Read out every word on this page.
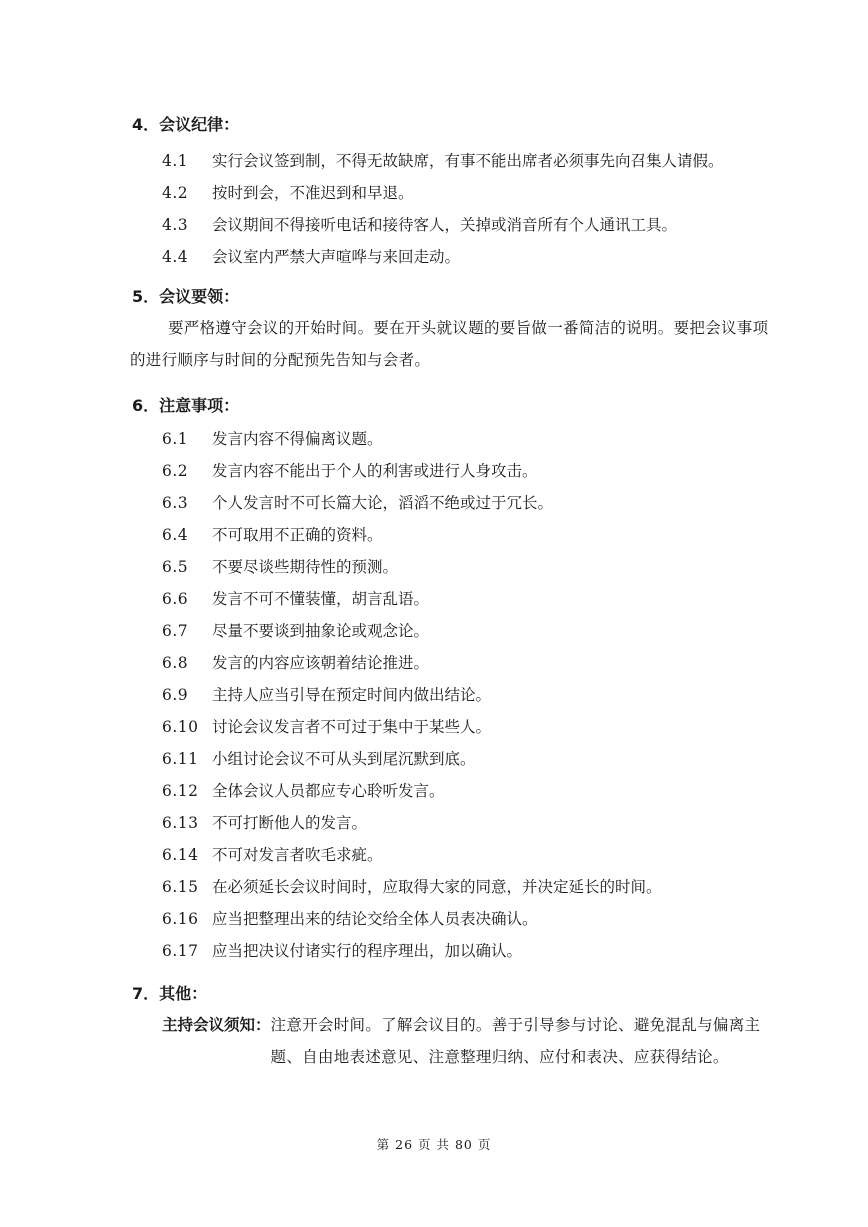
4．会议纪律：
4.1	实行会议签到制，不得无故缺席，有事不能出席者必须事先向召集人请假。
4.2	按时到会，不准迟到和早退。
4.3	会议期间不得接听电话和接待客人，关掉或消音所有个人通讯工具。
4.4	会议室内严禁大声喧哗与来回走动。
5．会议要领：
要严格遵守会议的开始时间。要在开头就议题的要旨做一番简洁的说明。要把会议事项的进行顺序与时间的分配预先告知与会者。
6．注意事项：
6.1	发言内容不得偏离议题。
6.2	发言内容不能出于个人的利害或进行人身攻击。
6.3	个人发言时不可长篇大论，滔滔不绝或过于冗长。
6.4	不可取用不正确的资料。
6.5	不要尽谈些期待性的预测。
6.6	发言不可不懂装懂，胡言乱语。
6.7	尽量不要谈到抽象论或观念论。
6.8	发言的内容应该朝着结论推进。
6.9	主持人应当引导在预定时间内做出结论。
6.10 讨论会议发言者不可过于集中于某些人。
6.11 小组讨论会议不可从头到尾沉默到底。
6.12 全体会议人员都应专心聆听发言。
6.13 不可打断他人的发言。
6.14 不可对发言者吹毛求疵。
6.15 在必须延长会议时间时，应取得大家的同意，并决定延长的时间。
6.16 应当把整理出来的结论交给全体人员表决确认。
6.17 应当把决议付诸实行的程序理出，加以确认。
7．其他：
主持会议须知： 注意开会时间。了解会议目的。善于引导参与讨论、避免混乱与偏离主题、自由地表述意见、注意整理归纳、应付和表决、应获得结论。
第 26 页 共 80 页
